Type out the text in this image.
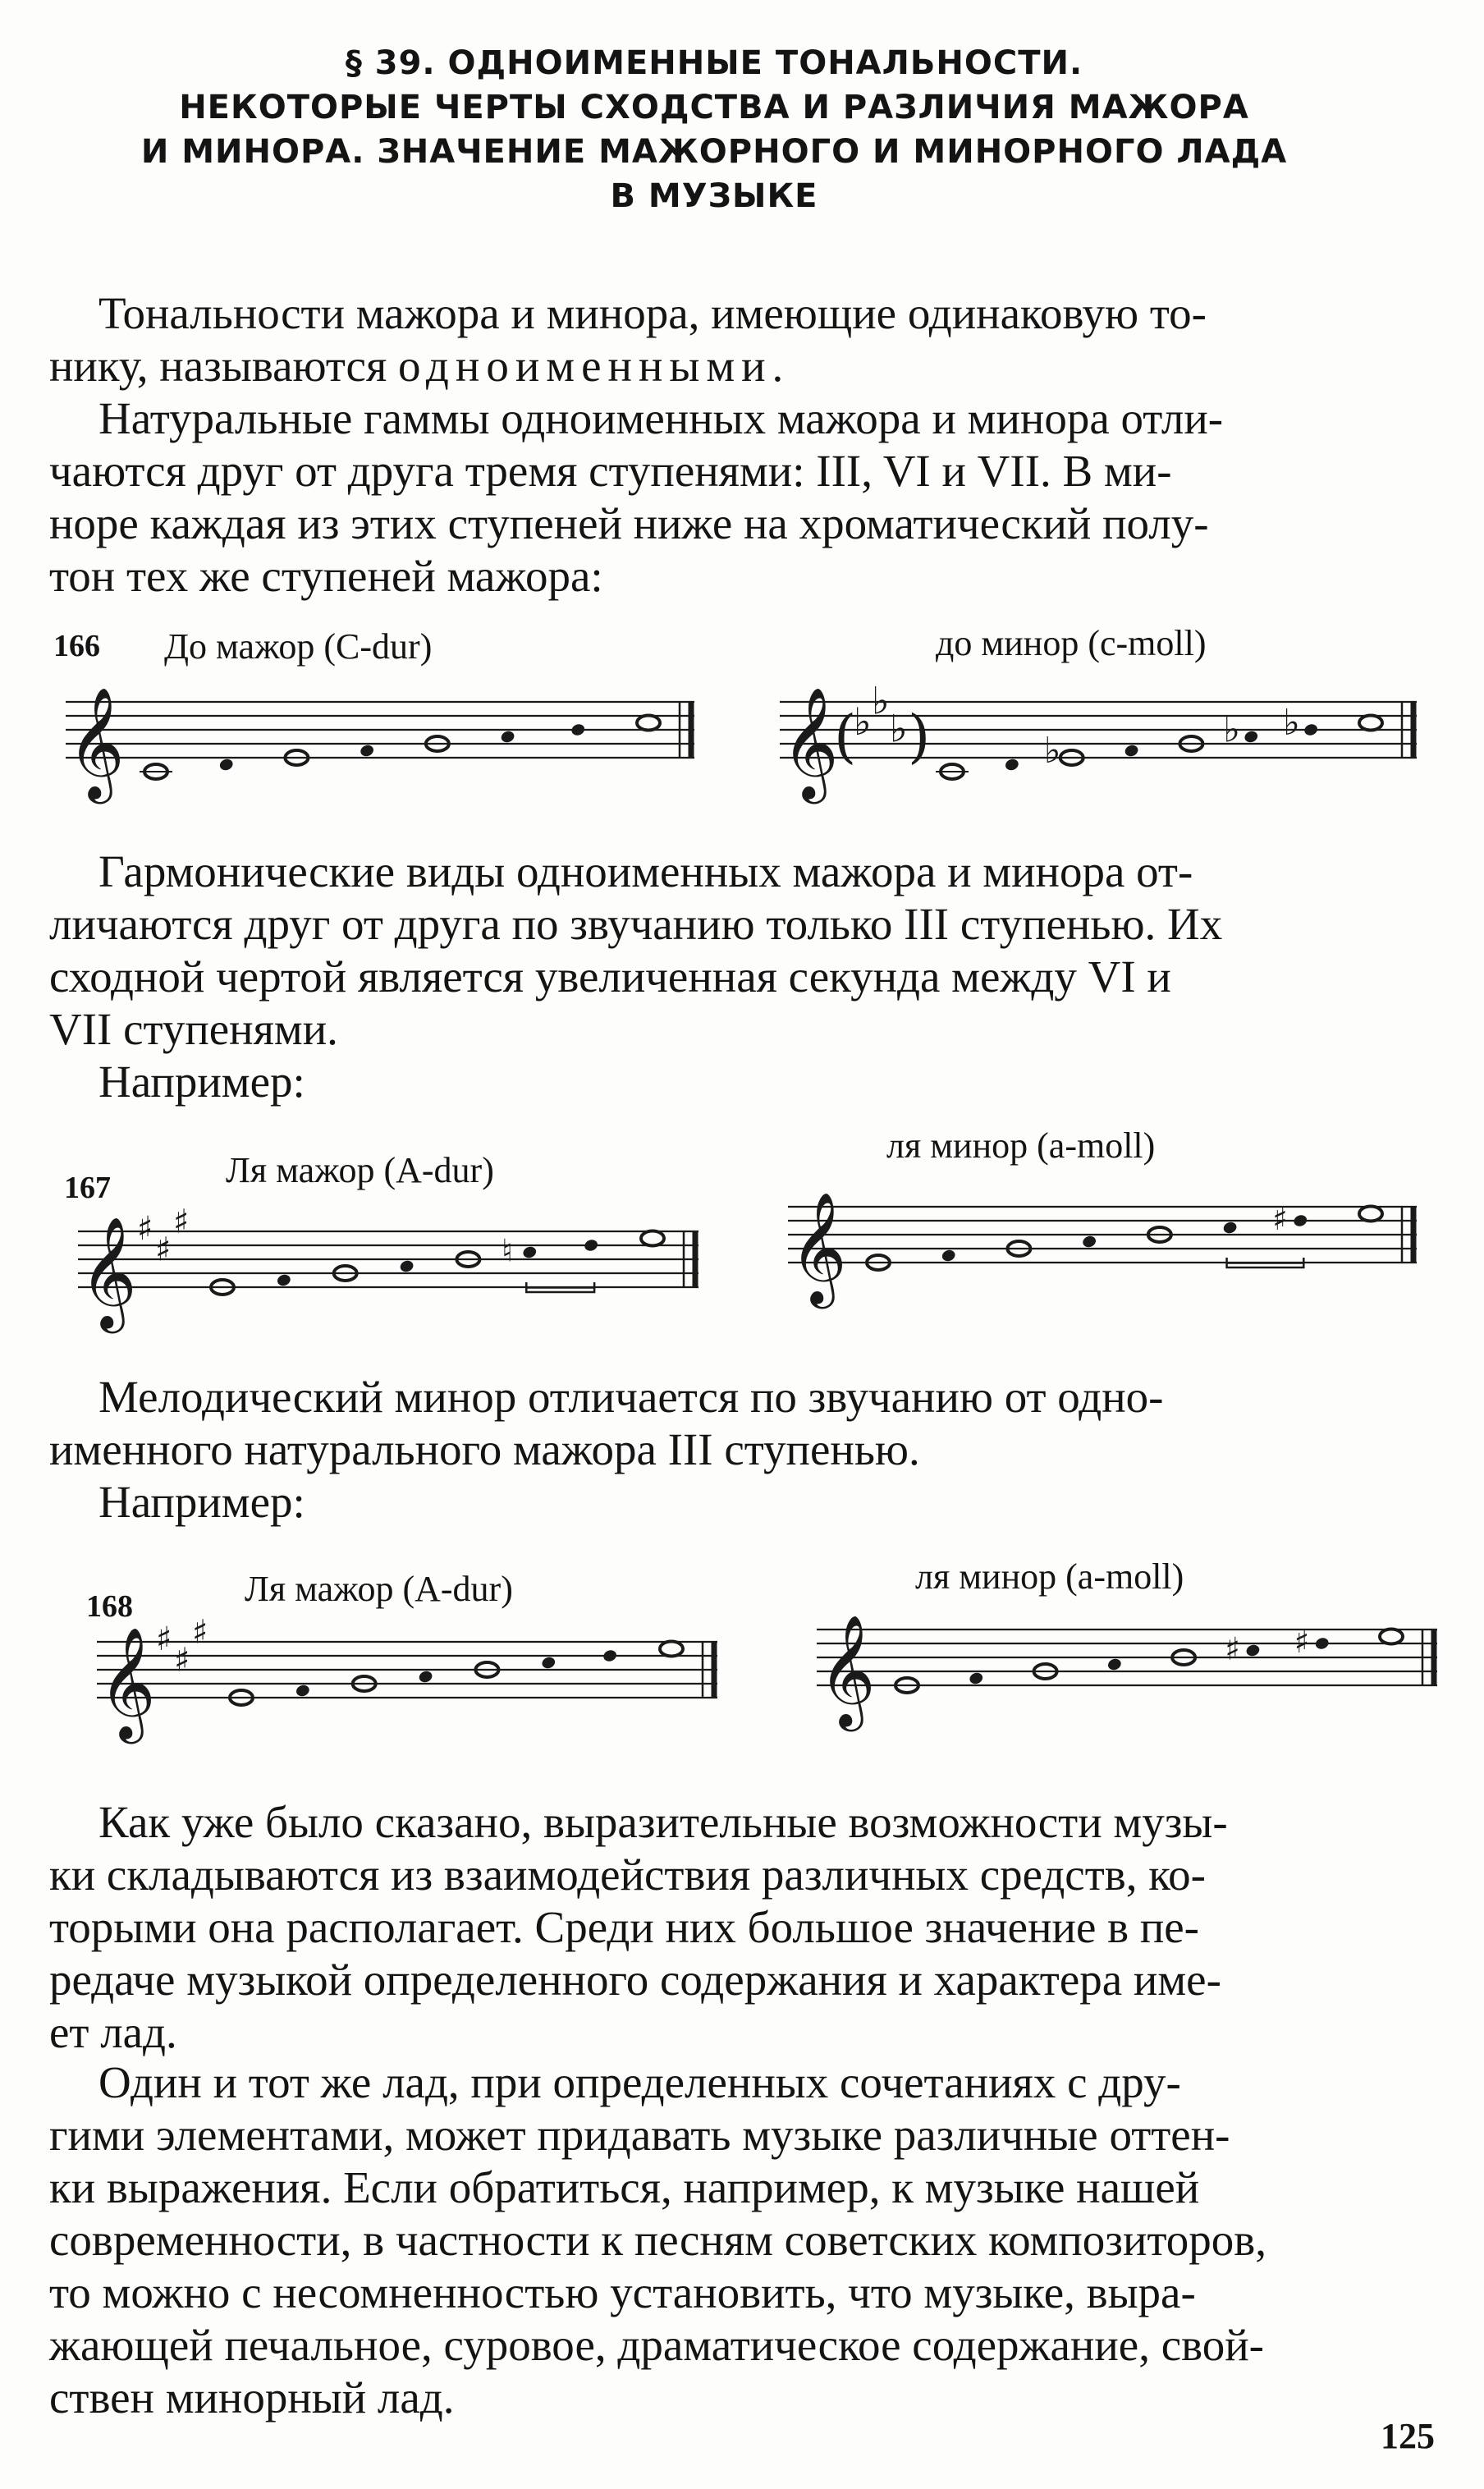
§ 39. ОДНОИМЕННЫЕ ТОНАЛЬНОСТИ.
НЕКОТОРЫЕ ЧЕРТЫ СХОДСТВА И РАЗЛИЧИЯ МАЖОРА
И МИНОРА. ЗНАЧЕНИЕ МАЖОРНОГО И МИНОРНОГО ЛАДА
В МУЗЫКЕ
Тональности мажора и минора, имеющие одинаковую то-
нику, называются одноименными.
Натуральные гаммы одноименных мажора и минора отли-
чаются друг от друга тремя ступенями: III, VI и VII. В ми-
норе каждая из этих ступеней ниже на хроматический полу-
тон тех же ступеней мажора:
166 До мажор (C-dur)	до минор (c-moll)
𝄞	𝄞
(
♭ ♭
♭ )	♭	♭ ♭
Гармонические виды одноименных мажора и минора от-
личаются друг от друга по звучанию только III ступенью. Их
сходной чертой является увеличенная секунда между VI и
VII ступенями.
Например:
167	Ля мажор (A-dur)
ля минор (a-moll)
𝄞 ♯
♯
♯
♮	𝄞	♯
Мелодический минор отличается по звучанию от одно-
именного натурального мажора III ступенью.
Например:
168	Ля мажор (A-dur)	ля минор (a-moll)
𝄞 ♯
♯
♯	𝄞	♯ ♯
Как уже было сказано, выразительные возможности музы-
ки складываются из взаимодействия различных средств, ко-
торыми она располагает. Среди них большое значение в пе-
редаче музыкой определенного содержания и характера име-
ет лад.
Один и тот же лад, при определенных сочетаниях с дру-
гими элементами, может придавать музыке различные оттен-
ки выражения. Если обратиться, например, к музыке нашей
современности, в частности к песням советских композиторов,
то можно с несомненностью установить, что музыке, выра-
жающей печальное, суровое, драматическое содержание, свой-
ствен минорный лад.
125
